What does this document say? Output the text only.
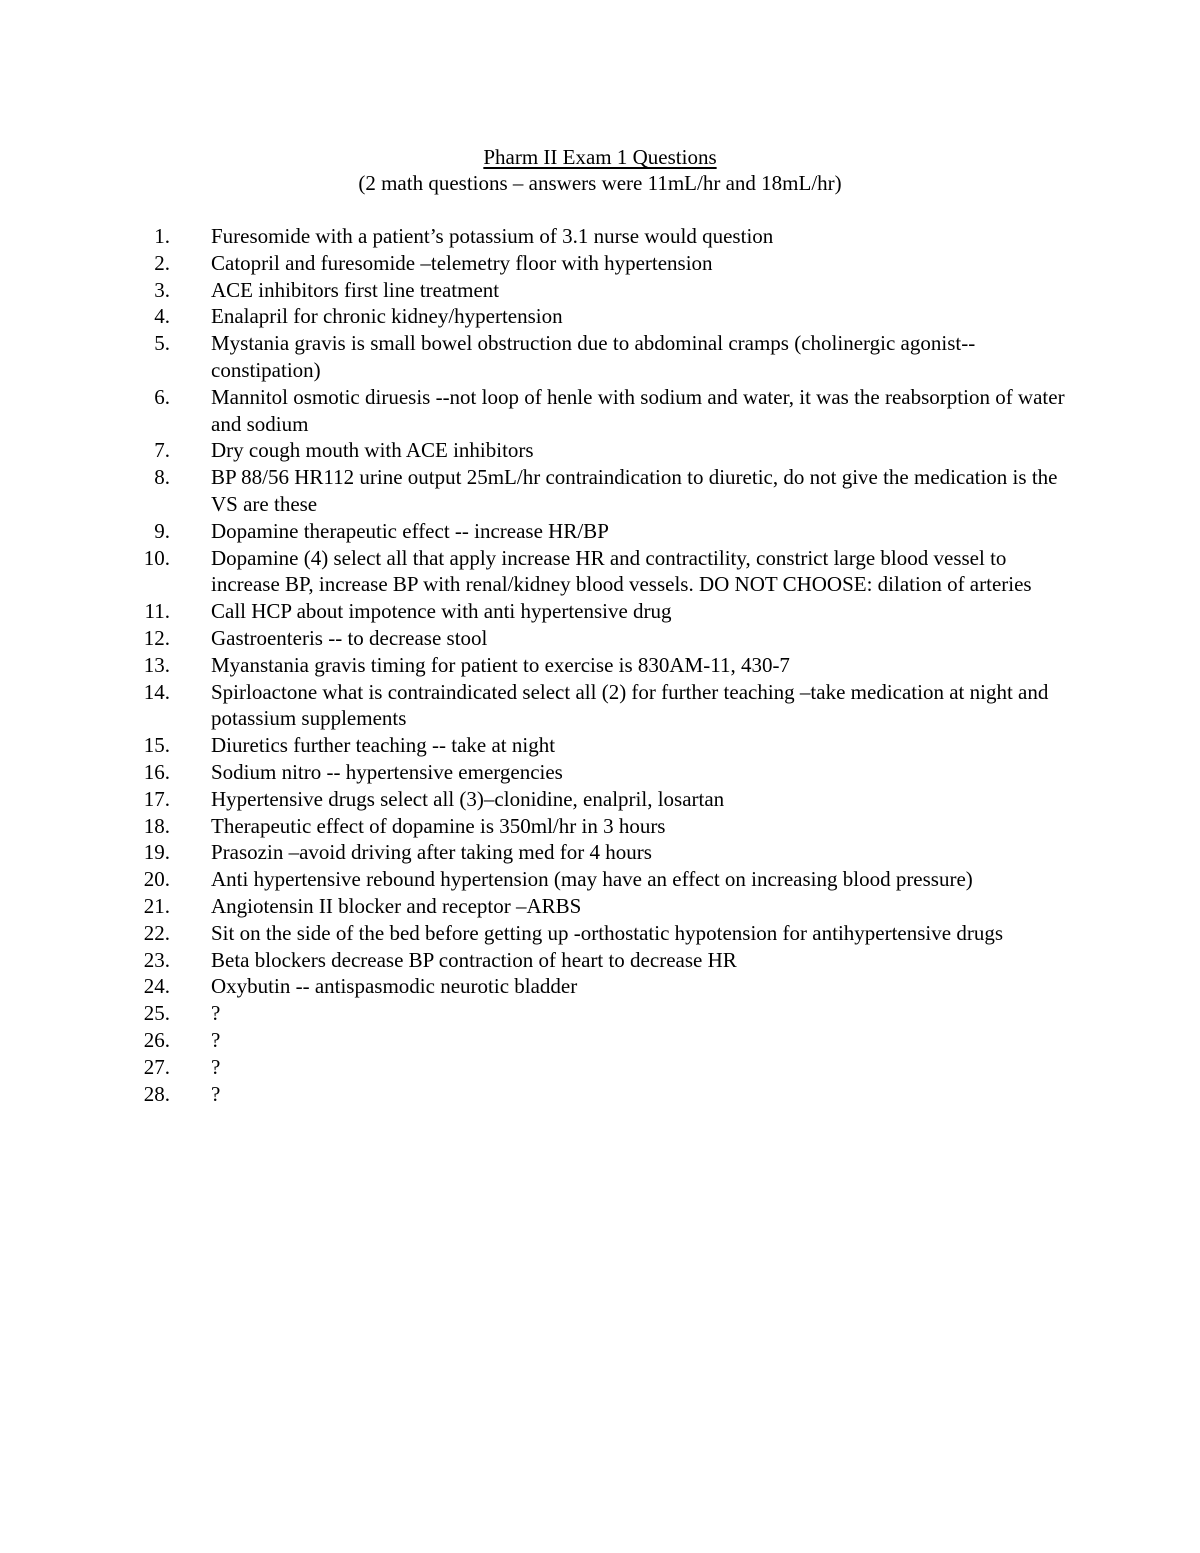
Pharm II Exam 1 Questions
(2 math questions – answers were 11mL/hr and 18mL/hr)
1. Furesomide with a patient’s potassium of 3.1 nurse would question
2. Catopril and furesomide –telemetry floor with hypertension
3. ACE inhibitors first line treatment
4. Enalapril for chronic kidney/hypertension
5. Mystania gravis is small bowel obstruction due to abdominal cramps (cholinergic agonist--constipation)
6. Mannitol osmotic diruesis --not loop of henle with sodium and water, it was the reabsorption of water and sodium
7. Dry cough mouth with ACE inhibitors
8. BP 88/56 HR112 urine output 25mL/hr contraindication to diuretic, do not give the medication is the VS are these
9. Dopamine therapeutic effect -- increase HR/BP
10. Dopamine (4) select all that apply increase HR and contractility, constrict large blood vessel to increase BP, increase BP with renal/kidney blood vessels. DO NOT CHOOSE: dilation of arteries
11. Call HCP about impotence with anti hypertensive drug
12. Gastroenteris -- to decrease stool
13. Myanstania gravis timing for patient to exercise is 830AM-11, 430-7
14. Spirloactone what is contraindicated select all (2) for further teaching –take medication at night and potassium supplements
15. Diuretics further teaching -- take at night
16. Sodium nitro -- hypertensive emergencies
17. Hypertensive drugs select all (3)–clonidine, enalpril, losartan
18. Therapeutic effect of dopamine is 350ml/hr in 3 hours
19. Prasozin –avoid driving after taking med for 4 hours
20. Anti hypertensive rebound hypertension (may have an effect on increasing blood pressure)
21. Angiotensin II blocker and receptor –ARBS
22. Sit on the side of the bed before getting up -orthostatic hypotension for antihypertensive drugs
23. Beta blockers decrease BP contraction of heart to decrease HR
24. Oxybutin -- antispasmodic neurotic bladder
25. ?
26. ?
27. ?
28. ?
